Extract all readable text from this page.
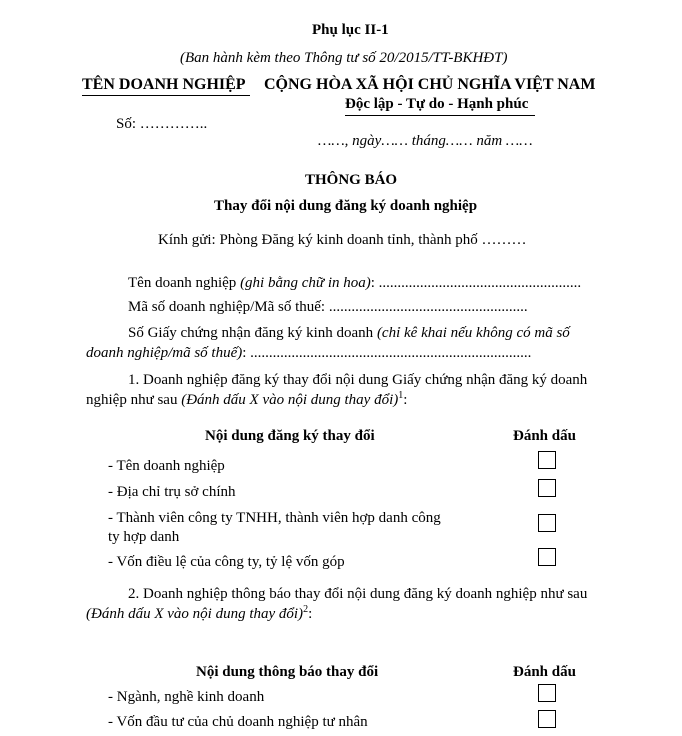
Phụ lục II-1
(Ban hành kèm theo Thông tư số 20/2015/TT-BKHĐT)
TÊN DOANH NGHIỆP CỘNG HÒA XÃ HỘI CHỦ NGHĨA VIỆT NAM
Độc lập - Tự do - Hạnh phúc
Số: …………..
……, ngày…… tháng…… năm ……
THÔNG BÁO
Thay đổi nội dung đăng ký doanh nghiệp
Kính gửi: Phòng Đăng ký kinh doanh tỉnh, thành phố ………
Tên doanh nghiệp (ghi bằng chữ in hoa): ......................................................
Mã số doanh nghiệp/Mã số thuế: .....................................................
Số Giấy chứng nhận đăng ký kinh doanh (chỉ kê khai nếu không có mã số
doanh nghiệp/mã số thuế): ...........................................................................
1. Doanh nghiệp đăng ký thay đổi nội dung Giấy chứng nhận đăng ký doanh
nghiệp như sau (Đánh dấu X vào nội dung thay đổi)$^1$:
Nội dung đăng ký thay đổi	Đánh dấu
- Tên doanh nghiệp
- Địa chỉ trụ sở chính
- Thành viên công ty TNHH, thành viên hợp danh công
ty hợp danh
- Vốn điều lệ của công ty, tỷ lệ vốn góp
2. Doanh nghiệp thông báo thay đổi nội dung đăng ký doanh nghiệp như sau
(Đánh dấu X vào nội dung thay đổi)$^2$:
Nội dung thông báo thay đổi	Đánh dấu
- Ngành, nghề kinh doanh
- Vốn đầu tư của chủ doanh nghiệp tư nhân
